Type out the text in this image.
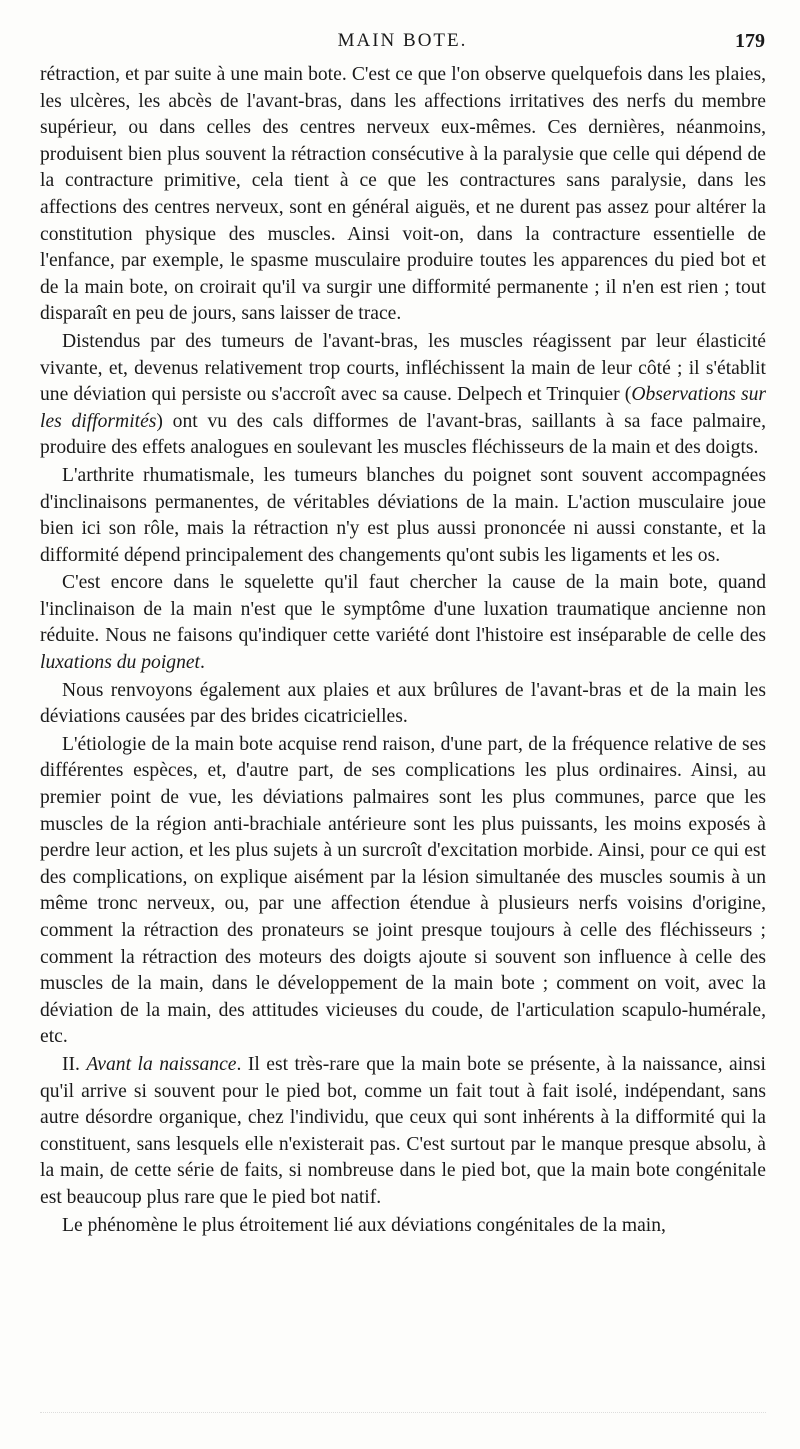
MAIN BOTE.	179

rétraction, et par suite à une main bote. C'est ce que l'on observe quelquefois dans les plaies, les ulcères, les abcès de l'avant-bras, dans les affections irritatives des nerfs du membre supérieur, ou dans celles des centres nerveux eux-mêmes. Ces dernières, néanmoins, produisent bien plus souvent la rétraction consécutive à la paralysie que celle qui dépend de la contracture primitive, cela tient à ce que les contractures sans paralysie, dans les affections des centres nerveux, sont en général aiguës, et ne durent pas assez pour altérer la constitution physique des muscles. Ainsi voit-on, dans la contracture essentielle de l'enfance, par exemple, le spasme musculaire produire toutes les apparences du pied bot et de la main bote, on croirait qu'il va surgir une difformité permanente ; il n'en est rien ; tout disparaît en peu de jours, sans laisser de trace.

Distendus par des tumeurs de l'avant-bras, les muscles réagissent par leur élasticité vivante, et, devenus relativement trop courts, infléchissent la main de leur côté ; il s'établit une déviation qui persiste ou s'accroît avec sa cause. Delpech et Trinquier (Observations sur les difformités) ont vu des cals difformes de l'avant-bras, saillants à sa face palmaire, produire des effets analogues en soulevant les muscles fléchisseurs de la main et des doigts.

L'arthrite rhumatismale, les tumeurs blanches du poignet sont souvent accompagnées d'inclinaisons permanentes, de véritables déviations de la main. L'action musculaire joue bien ici son rôle, mais la rétraction n'y est plus aussi prononcée ni aussi constante, et la difformité dépend principalement des changements qu'ont subis les ligaments et les os.

C'est encore dans le squelette qu'il faut chercher la cause de la main bote, quand l'inclinaison de la main n'est que le symptôme d'une luxation traumatique ancienne non réduite. Nous ne faisons qu'indiquer cette variété dont l'histoire est inséparable de celle des luxations du poignet.

Nous renvoyons également aux plaies et aux brûlures de l'avant-bras et de la main les déviations causées par des brides cicatricielles.

L'étiologie de la main bote acquise rend raison, d'une part, de la fréquence relative de ses différentes espèces, et, d'autre part, de ses complications les plus ordinaires. Ainsi, au premier point de vue, les déviations palmaires sont les plus communes, parce que les muscles de la région anti-brachiale antérieure sont les plus puissants, les moins exposés à perdre leur action, et les plus sujets à un surcroît d'excitation morbide. Ainsi, pour ce qui est des complications, on explique aisément par la lésion simultanée des muscles soumis à un même tronc nerveux, ou, par une affection étendue à plusieurs nerfs voisins d'origine, comment la rétraction des pronateurs se joint presque toujours à celle des fléchisseurs ; comment la rétraction des moteurs des doigts ajoute si souvent son influence à celle des muscles de la main, dans le développement de la main bote ; comment on voit, avec la déviation de la main, des attitudes vicieuses du coude, de l'articulation scapulo-humérale, etc.

II. Avant la naissance. Il est très-rare que la main bote se présente, à la naissance, ainsi qu'il arrive si souvent pour le pied bot, comme un fait tout à fait isolé, indépendant, sans autre désordre organique, chez l'individu, que ceux qui sont inhérents à la difformité qui la constituent, sans lesquels elle n'existerait pas. C'est surtout par le manque presque absolu, à la main, de cette série de faits, si nombreuse dans le pied bot, que la main bote congénitale est beaucoup plus rare que le pied bot natif.

Le phénomène le plus étroitement lié aux déviations congénitales de la main,
